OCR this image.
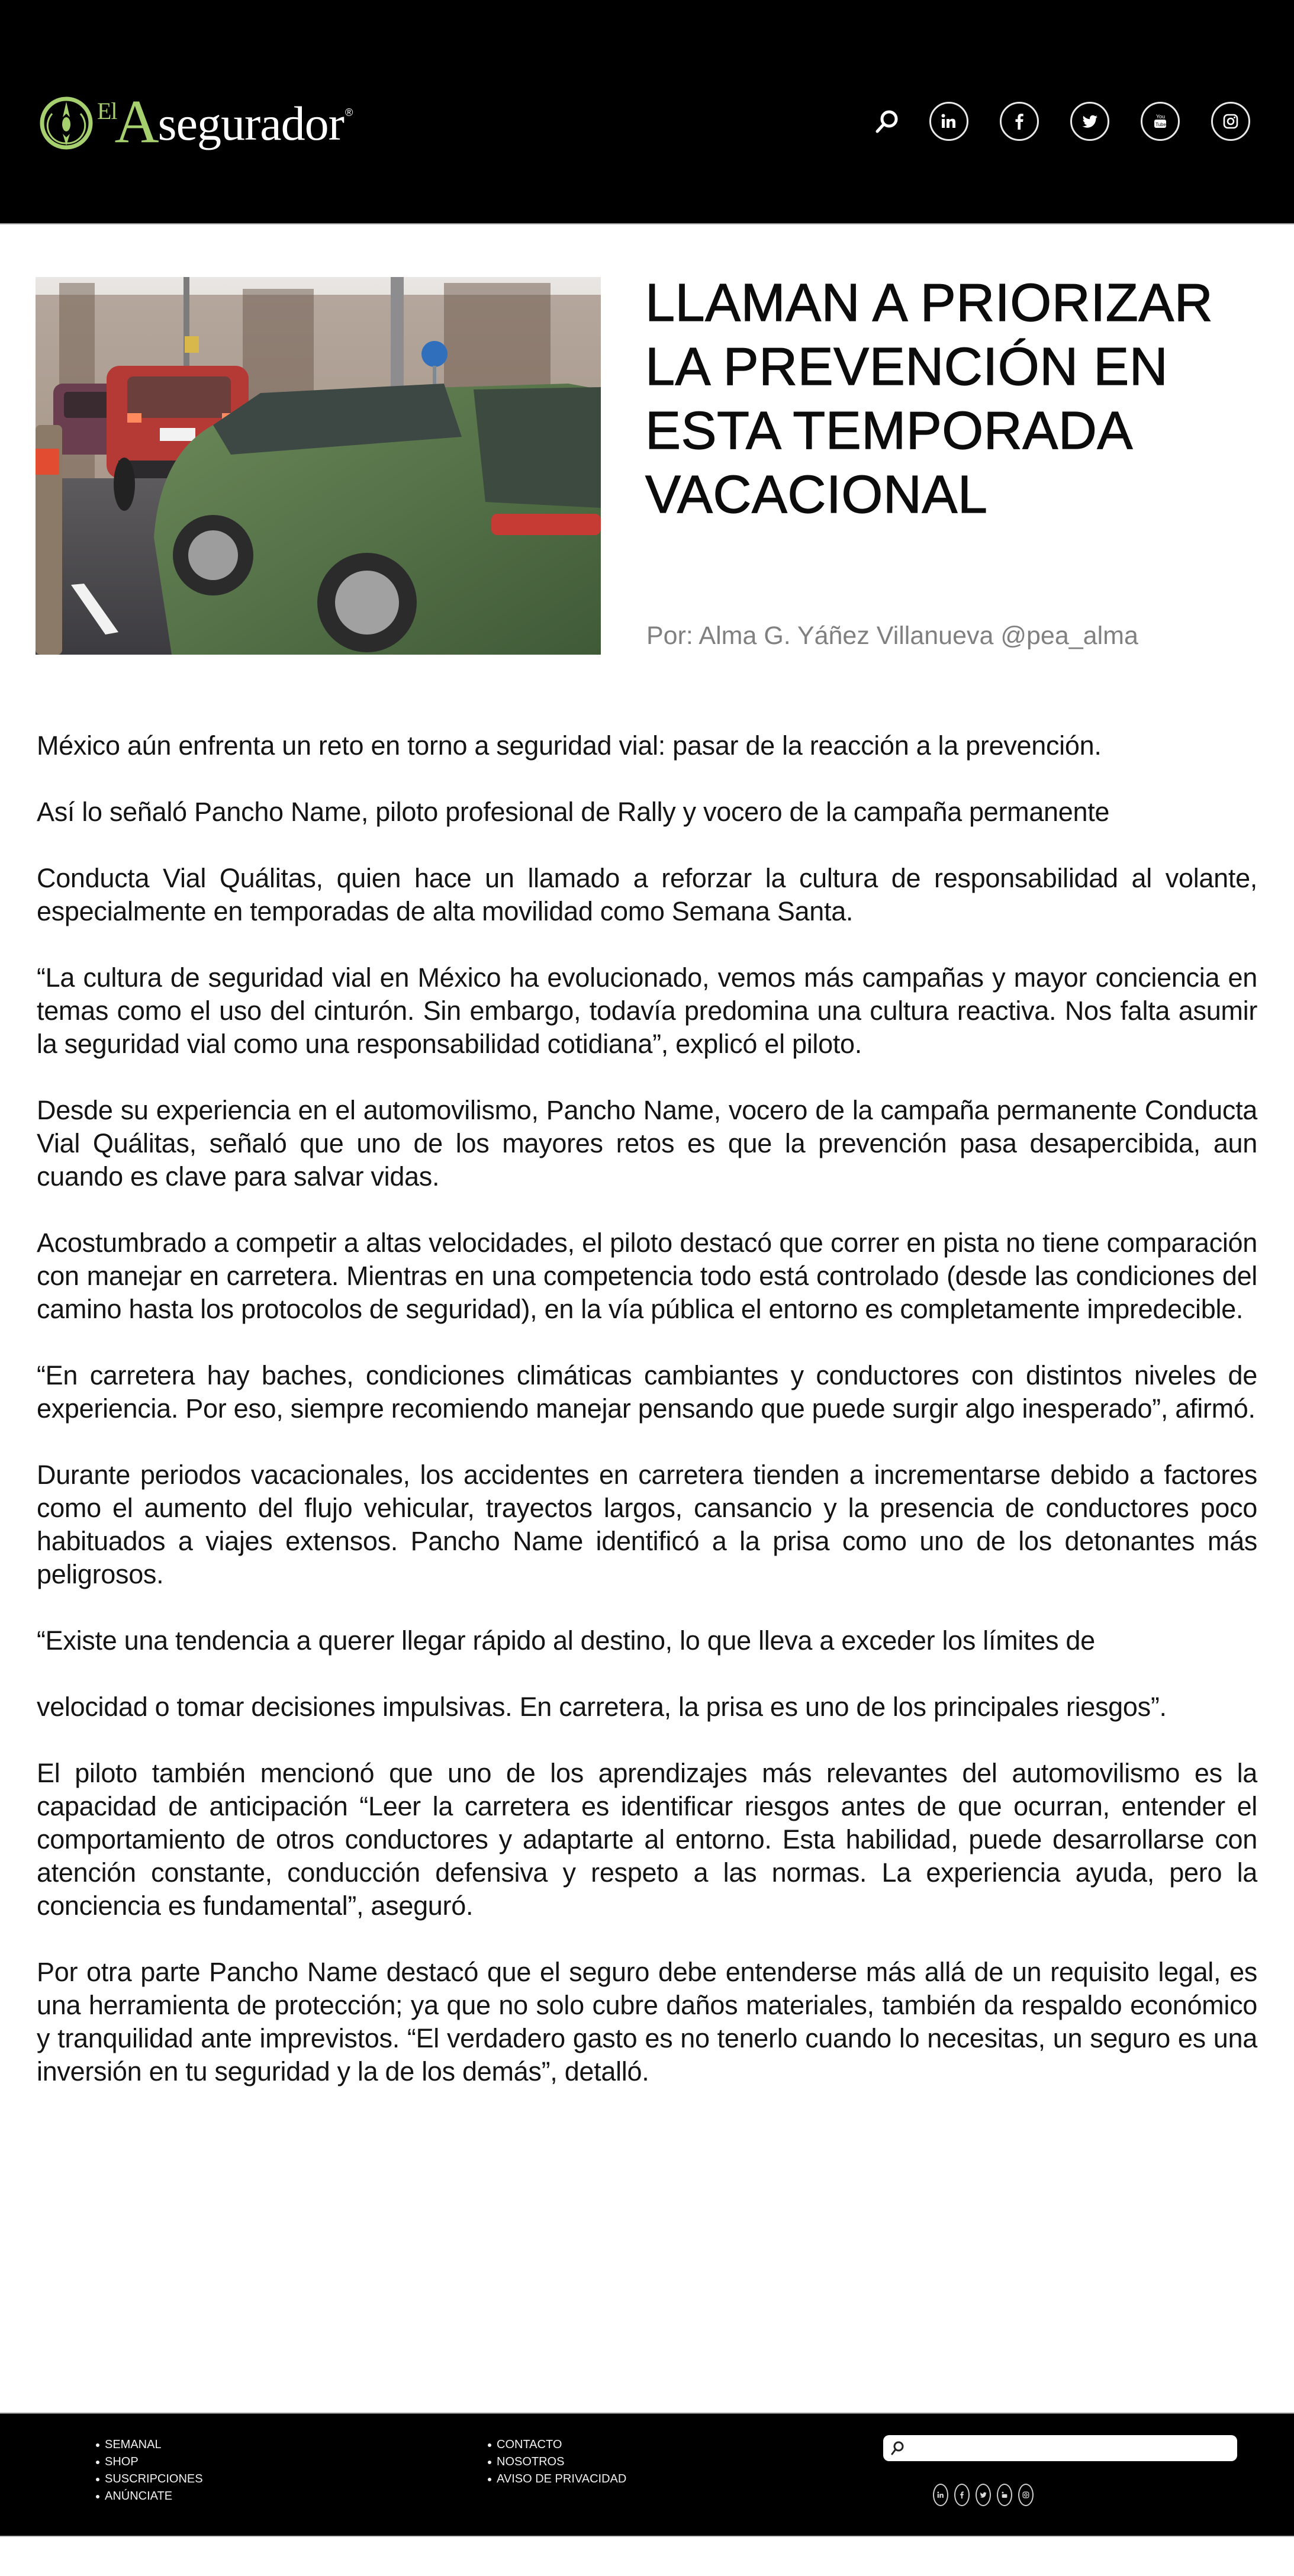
El
A
segurador ®	You
Tube
LLAMAN A PRIORIZAR LA PREVENCIÓN EN ESTA TEMPORADA VACACIONAL
Por: Alma G. Yáñez Villanueva @pea_alma

México aún enfrenta un reto en torno a seguridad vial: pasar de la reacción a la prevención.

Así lo señaló Pancho Name, piloto profesional de Rally y vocero de la campaña permanente

Conducta Vial Quálitas, quien hace un llamado a reforzar la cultura de responsabilidad al volante, especialmente en temporadas de alta movilidad como Semana Santa.

“La cultura de seguridad vial en México ha evolucionado, vemos más campañas y mayor conciencia en temas como el uso del cinturón. Sin embargo, todavía predomina una cultura reactiva. Nos falta asumir la seguridad vial como una responsabilidad cotidiana”, explicó el piloto.

Desde su experiencia en el automovilismo, Pancho Name, vocero de la campaña permanente Conducta Vial Quálitas, señaló que uno de los mayores retos es que la prevención pasa desapercibida, aun cuando es clave para salvar vidas.

Acostumbrado a competir a altas velocidades, el piloto destacó que correr en pista no tiene comparación con manejar en carretera. Mientras en una competencia todo está controlado (desde las condiciones del camino hasta los protocolos de seguridad), en la vía pública el entorno es completamente impredecible.

“En carretera hay baches, condiciones climáticas cambiantes y conductores con distintos niveles de experiencia. Por eso, siempre recomiendo manejar pensando que puede surgir algo inesperado”, afirmó.

Durante periodos vacacionales, los accidentes en carretera tienden a incrementarse debido a factores como el aumento del flujo vehicular, trayectos largos, cansancio y la presencia de conductores poco habituados a viajes extensos. Pancho Name identificó a la prisa como uno de los detonantes más peligrosos.

“Existe una tendencia a querer llegar rápido al destino, lo que lleva a exceder los límites de

velocidad o tomar decisiones impulsivas. En carretera, la prisa es uno de los principales riesgos”.

El piloto también mencionó que uno de los aprendizajes más relevantes del automovilismo es la capacidad de anticipación “Leer la carretera es identificar riesgos antes de que ocurran, entender el comportamiento de otros conductores y adaptarte al entorno. Esta habilidad, puede desarrollarse con atención constante, conducción defensiva y respeto a las normas. La experiencia ayuda, pero la conciencia es fundamental”, aseguró.

Por otra parte Pancho Name destacó que el seguro debe entenderse más allá de un requisito legal, es una herramienta de protección; ya que no solo cubre daños materiales, también da respaldo económico y tranquilidad ante imprevistos. “El verdadero gasto es no tenerlo cuando lo necesitas, un seguro es una inversión en tu seguridad y la de los demás”, detalló.

SEMANAL
SHOP
SUSCRIPCIONES
ANÚNCIATE
CONTACTO
NOSOTROS
AVISO DE PRIVACIDAD
